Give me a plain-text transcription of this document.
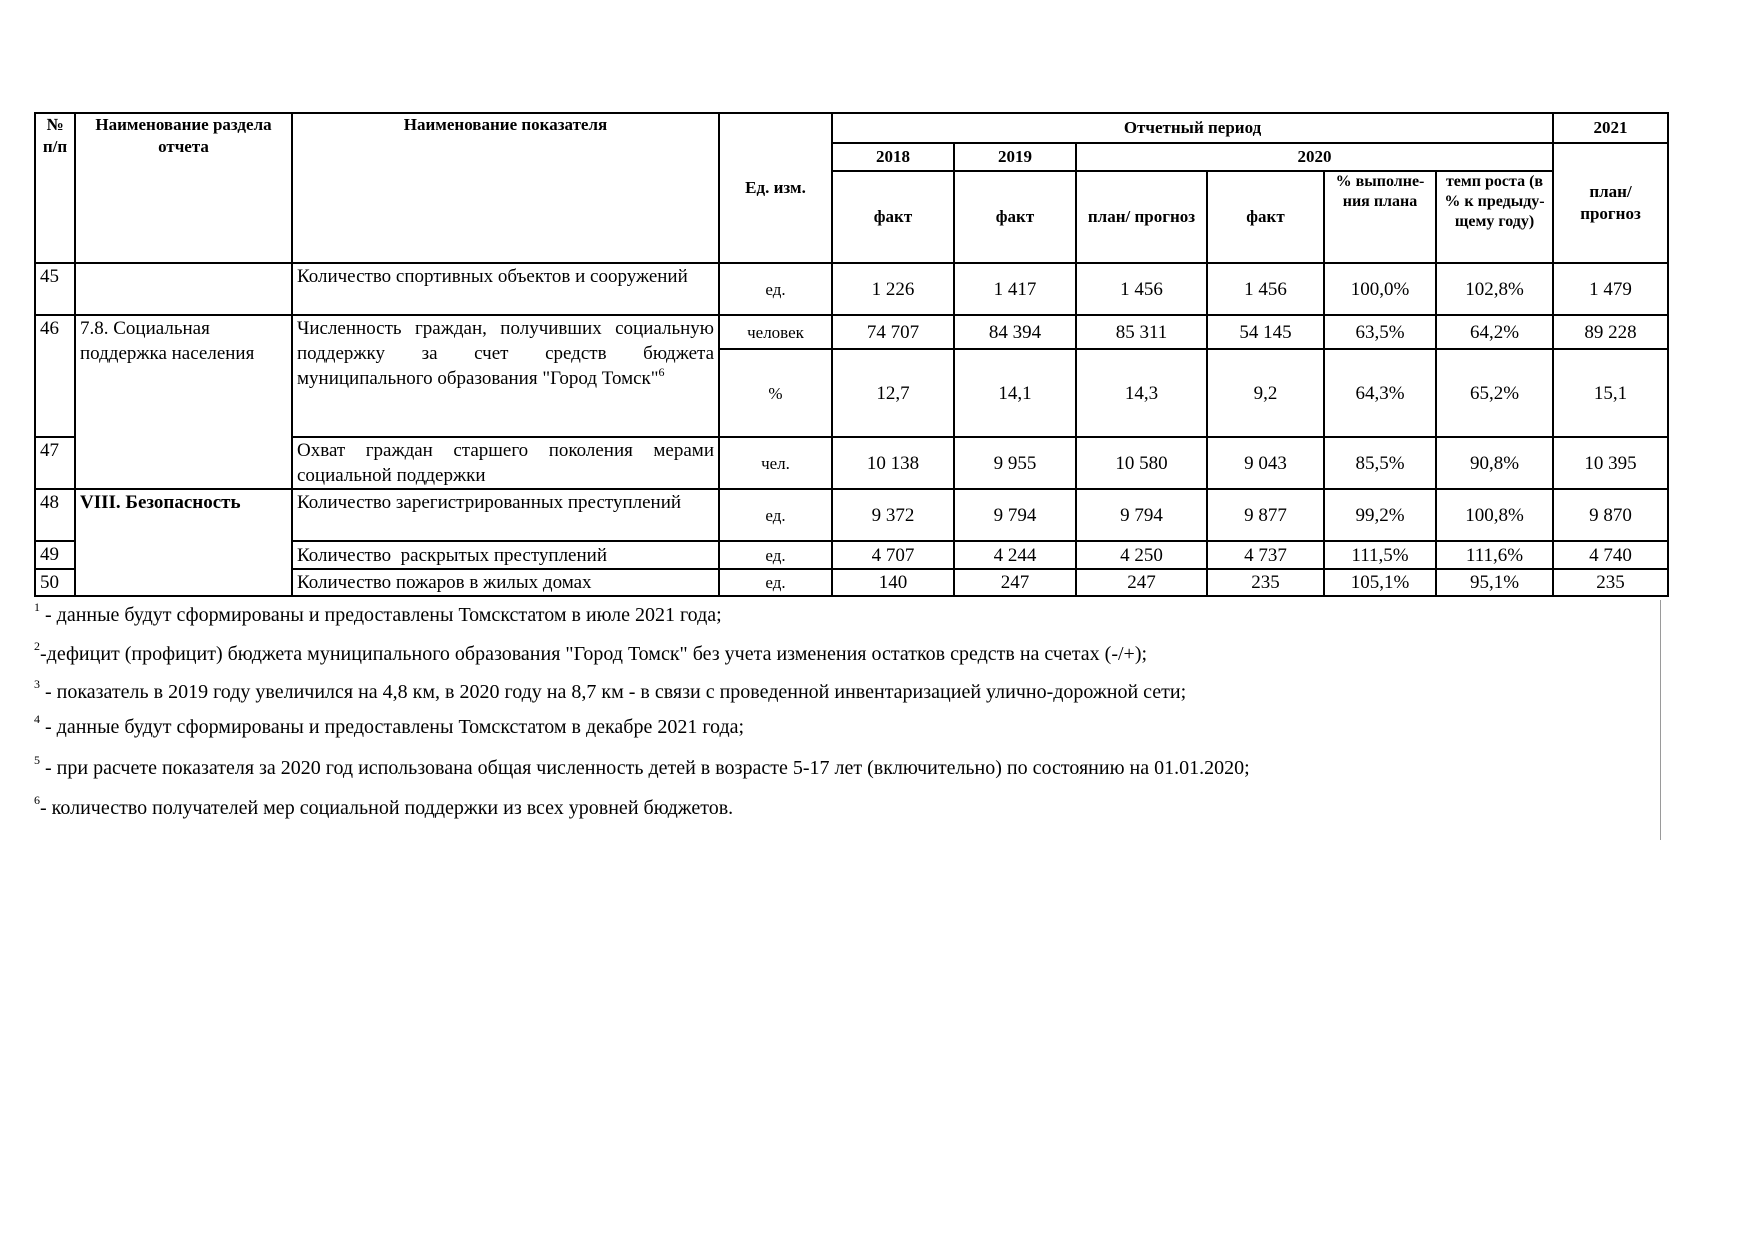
№ п/п	Наименование раздела отчета	Наименование показателя	Ед. изм.	Отчетный период						2021
				2018	2019	2020				план/ прогноз
				факт	факт	план/ прогноз	факт	% выполне-ния плана	темп роста (в % к предыду-щему году)	
45		Количество спортивных объектов и сооружений	ед.	1 226	1 417	1 456	1 456	100,0%	102,8%	1 479
46	7.8. Социальная поддержка населения	Численность граждан, получивших социальную поддержку за счет средств бюджета муниципального образования "Город Томск"$^6$	человек	74 707	84 394	85 311	54 145	63,5%	64,2%	89 228
			%	12,7	14,1	14,3	9,2	64,3%	65,2%	15,1
47		Охват граждан старшего поколения мерами социальной поддержки	чел.	10 138	9 955	10 580	9 043	85,5%	90,8%	10 395
48	VIII. Безопасность	Количество зарегистрированных преступлений	ед.	9 372	9 794	9 794	9 877	99,2%	100,8%	9 870
49		Количество  раскрытых преступлений	ед.	4 707	4 244	4 250	4 737	111,5%	111,6%	4 740
50		Количество пожаров в жилых домах	ед.	140	247	247	235	105,1%	95,1%	235
$^1$ - данные будут сформированы и предоставлены Томскстатом в июле 2021 года;
$^2$-дефицит (профицит) бюджета муниципального образования "Город Томск" без учета изменения остатков средств на счетах (-/+);
$^3$ - показатель в 2019 году увеличился на 4,8 км, в 2020 году на 8,7 км - в связи с проведенной инвентаризацией улично-дорожной сети;
$^4$ - данные будут сформированы и предоставлены Томскстатом в декабре 2021 года;
$^5$ - при расчете показателя за 2020 год использована общая численность детей в возрасте 5-17 лет (включительно) по состоянию на 01.01.2020;
$^6$- количество получателей мер социальной поддержки из всех уровней бюджетов.
